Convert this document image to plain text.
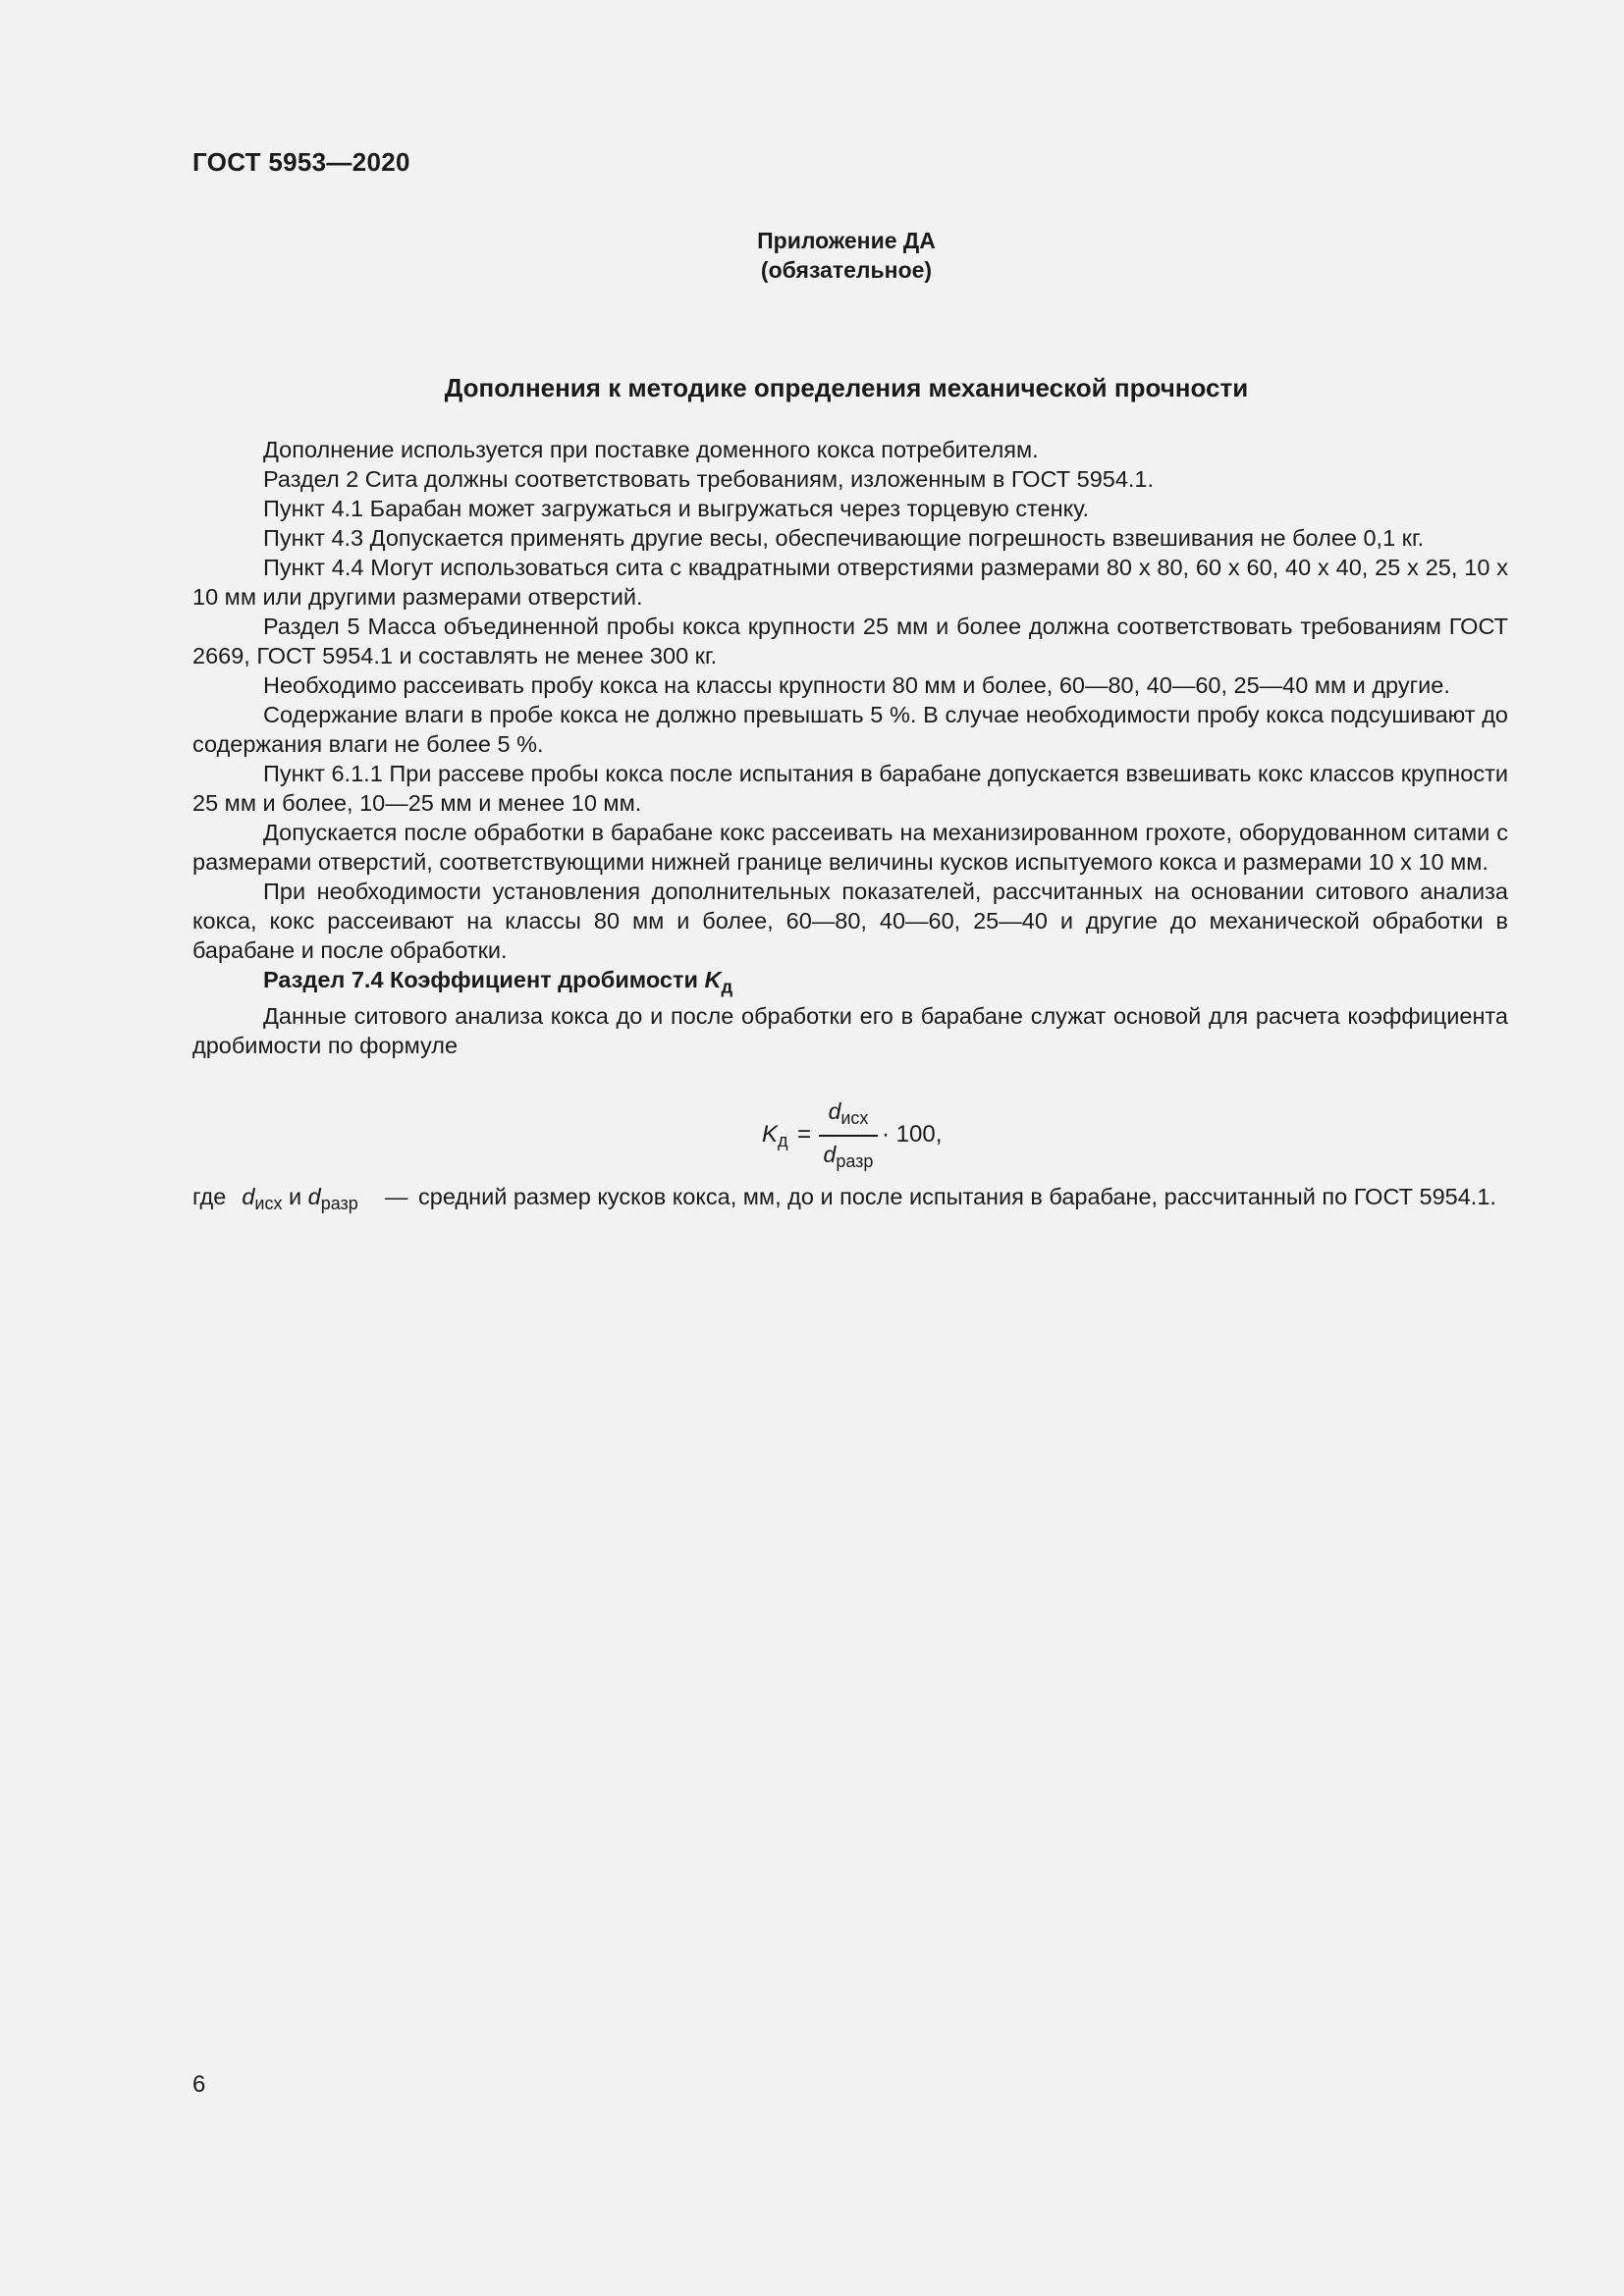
ГОСТ 5953—2020
Приложение ДА
(обязательное)
Дополнения к методике определения механической прочности

Дополнение используется при поставке доменного кокса потребителям.

Раздел 2 Сита должны соответствовать требованиям, изложенным в ГОСТ 5954.1.

Пункт 4.1 Барабан может загружаться и выгружаться через торцевую стенку.

Пункт 4.3 Допускается применять другие весы, обеспечивающие погрешность взвешивания не более 0,1 кг.

Пункт 4.4 Могут использоваться сита с квадратными отверстиями размерами 80 x 80, 60 x 60, 40 x 40, 25 x 25, 10 x 10 мм или другими размерами отверстий.

Раздел 5 Масса объединенной пробы кокса крупности 25 мм и более должна соответствовать требованиям ГОСТ 2669, ГОСТ 5954.1 и составлять не менее 300 кг.

Необходимо рассеивать пробу кокса на классы крупности 80 мм и более, 60—80, 40—60, 25—40 мм и другие.

Содержание влаги в пробе кокса не должно превышать 5 %. В случае необходимости пробу кокса подсушивают до содержания влаги не более 5 %.

Пункт 6.1.1 При рассеве пробы кокса после испытания в барабане допускается взвешивать кокс классов крупности 25 мм и более, 10—25 мм и менее 10 мм.

Допускается после обработки в барабане кокс рассеивать на механизированном грохоте, оборудованном ситами с размерами отверстий, соответствующими нижней границе величины кусков испытуемого кокса и размерами 10 x 10 мм.

При необходимости установления дополнительных показателей, рассчитанных на основании ситового анализа кокса, кокс рассеивают на классы 80 мм и более, 60—80, 40—60, 25—40 и другие до механической обработки в барабане и после обработки.

Раздел 7.4 Коэффициент дробимости $K_д$

Данные ситового анализа кокса до и после обработки его в барабане служат основой для расчета коэффициента дробимости по формуле

$K_д$ =
$d_{исх}$
$d_{разр}$
· 100,
где $d_{исх}$ и $d_{разр}$ — средний размер кусков кокса, мм, до и после испытания в барабане, рассчитанный по ГОСТ 5954.1.
6
